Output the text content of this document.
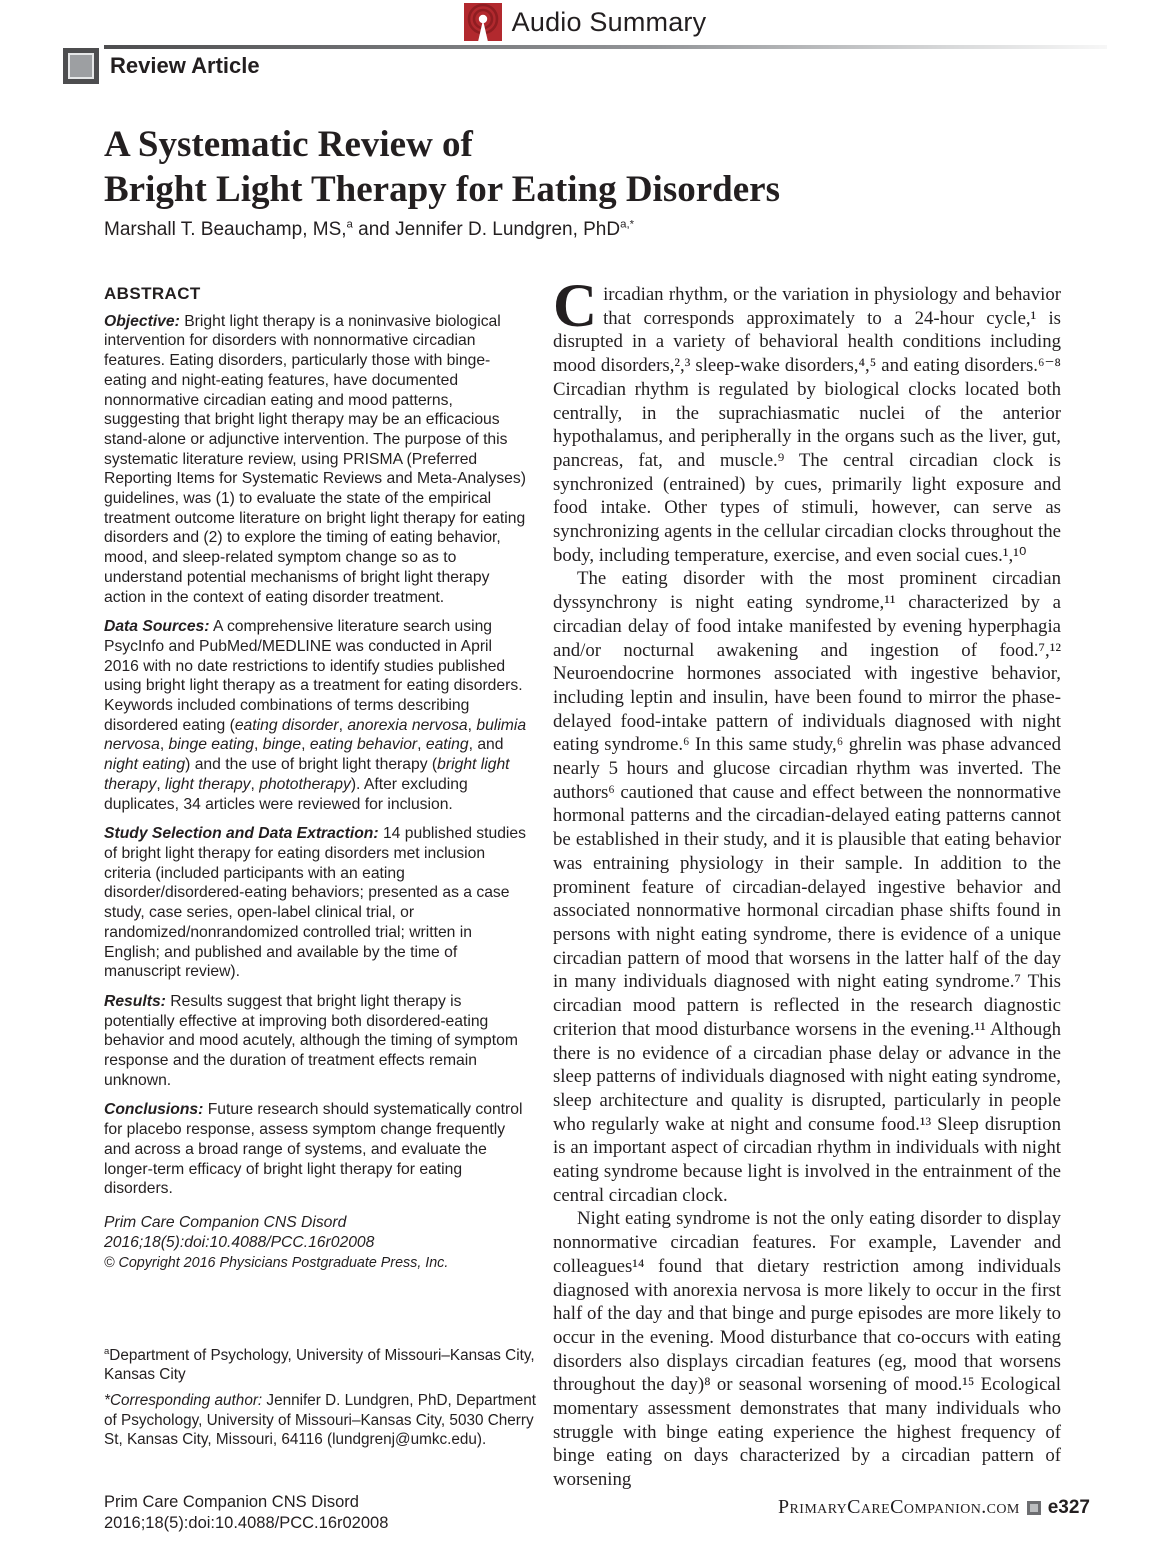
Audio Summary
Review Article
A Systematic Review of
Bright Light Therapy for Eating Disorders
Marshall T. Beauchamp, MS,$^a$ and Jennifer D. Lundgren, PhD$^{a,*}$

ABSTRACT

Objective: Bright light therapy is a noninvasive biological intervention for disorders with nonnormative circadian features. Eating disorders, particularly those with binge-eating and night-eating features, have documented nonnormative circadian eating and mood patterns, suggesting that bright light therapy may be an efficacious stand-alone or adjunctive intervention. The purpose of this systematic literature review, using PRISMA (Preferred Reporting Items for Systematic Reviews and Meta-Analyses) guidelines, was (1) to evaluate the state of the empirical treatment outcome literature on bright light therapy for eating disorders and (2) to explore the timing of eating behavior, mood, and sleep-related symptom change so as to understand potential mechanisms of bright light therapy action in the context of eating disorder treatment.

Data Sources: A comprehensive literature search using PsycInfo and PubMed/MEDLINE was conducted in April 2016 with no date restrictions to identify studies published using bright light therapy as a treatment for eating disorders. Keywords included combinations of terms describing disordered eating (eating disorder, anorexia nervosa, bulimia nervosa, binge eating, binge, eating behavior, eating, and night eating) and the use of bright light therapy (bright light therapy, light therapy, phototherapy). After excluding duplicates, 34 articles were reviewed for inclusion.

Study Selection and Data Extraction: 14 published studies of bright light therapy for eating disorders met inclusion criteria (included participants with an eating disorder/disordered-eating behaviors; presented as a case study, case series, open-label clinical trial, or randomized/nonrandomized controlled trial; written in English; and published and available by the time of manuscript review).

Results: Results suggest that bright light therapy is potentially effective at improving both disordered-eating behavior and mood acutely, although the timing of symptom response and the duration of treatment effects remain unknown.

Conclusions: Future research should systematically control for placebo response, assess symptom change frequently and across a broad range of systems, and evaluate the longer-term efficacy of bright light therapy for eating disorders.

Prim Care Companion CNS Disord
2016;18(5):doi:10.4088/PCC.16r02008

© Copyright 2016 Physicians Postgraduate Press, Inc.

$^a$Department of Psychology, University of Missouri–Kansas City, Kansas City

*Corresponding author: Jennifer D. Lundgren, PhD, Department of Psychology, University of Missouri–Kansas City, 5030 Cherry St, Kansas City, Missouri, 64116 (lundgrenj@umkc.edu).

Circadian rhythm, or the variation in physiology and behavior that corresponds approximately to a 24-hour cycle,¹ is disrupted in a variety of behavioral health conditions including mood disorders,²,³ sleep-wake disorders,⁴,⁵ and eating disorders.⁶⁻⁸ Circadian rhythm is regulated by biological clocks located both centrally, in the suprachiasmatic nuclei of the anterior hypothalamus, and peripherally in the organs such as the liver, gut, pancreas, fat, and muscle.⁹ The central circadian clock is synchronized (entrained) by cues, primarily light exposure and food intake. Other types of stimuli, however, can serve as synchronizing agents in the cellular circadian clocks throughout the body, including temperature, exercise, and even social cues.¹,¹⁰

The eating disorder with the most prominent circadian dyssynchrony is night eating syndrome,¹¹ characterized by a circadian delay of food intake manifested by evening hyperphagia and/or nocturnal awakening and ingestion of food.⁷,¹² Neuroendocrine hormones associated with ingestive behavior, including leptin and insulin, have been found to mirror the phase-delayed food-intake pattern of individuals diagnosed with night eating syndrome.⁶ In this same study,⁶ ghrelin was phase advanced nearly 5 hours and glucose circadian rhythm was inverted. The authors⁶ cautioned that cause and effect between the nonnormative hormonal patterns and the circadian-delayed eating patterns cannot be established in their study, and it is plausible that eating behavior was entraining physiology in their sample. In addition to the prominent feature of circadian-delayed ingestive behavior and associated nonnormative hormonal circadian phase shifts found in persons with night eating syndrome, there is evidence of a unique circadian pattern of mood that worsens in the latter half of the day in many individuals diagnosed with night eating syndrome.⁷ This circadian mood pattern is reflected in the research diagnostic criterion that mood disturbance worsens in the evening.¹¹ Although there is no evidence of a circadian phase delay or advance in the sleep patterns of individuals diagnosed with night eating syndrome, sleep architecture and quality is disrupted, particularly in people who regularly wake at night and consume food.¹³ Sleep disruption is an important aspect of circadian rhythm in individuals with night eating syndrome because light is involved in the entrainment of the central circadian clock.

Night eating syndrome is not the only eating disorder to display nonnormative circadian features. For example, Lavender and colleagues¹⁴ found that dietary restriction among individuals diagnosed with anorexia nervosa is more likely to occur in the first half of the day and that binge and purge episodes are more likely to occur in the evening. Mood disturbance that co-occurs with eating disorders also displays circadian features (eg, mood that worsens throughout the day)⁸ or seasonal worsening of mood.¹⁵ Ecological momentary assessment demonstrates that many individuals who struggle with binge eating experience the highest frequency of binge eating on days characterized by a circadian pattern of worsening

Prim Care Companion CNS Disord
2016;18(5):doi:10.4088/PCC.16r02008
PrimaryCareCompanion.com e327
